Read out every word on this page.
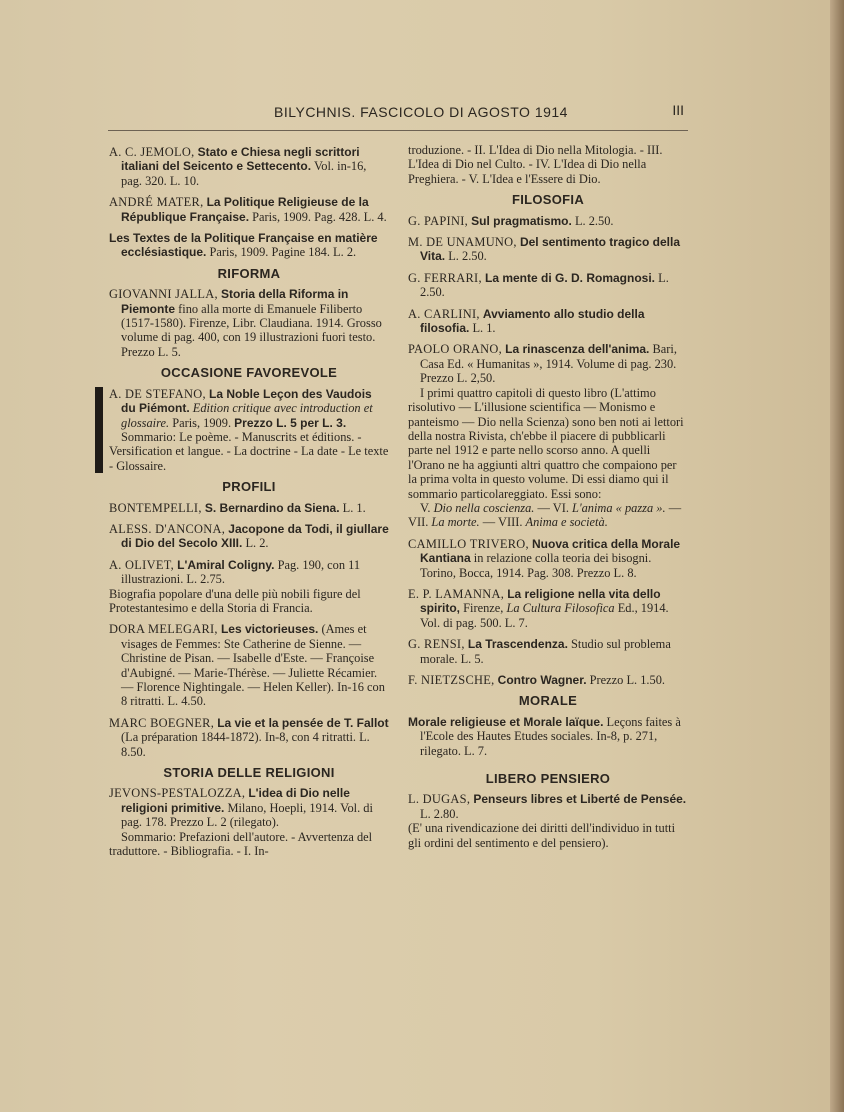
BILYCHNIS. FASCICOLO DI AGOSTO 1914	III
A. C. JEMOLO, Stato e Chiesa negli scrittori italiani del Seicento e Settecento. Vol. in-16, pag. 320. L. 10.
ANDRÉ MATER, La Politique Religieuse de la République Française. Paris, 1909. Pag. 428. L. 4.
Les Textes de la Politique Française en matière ecclésiastique. Paris, 1909. Pagine 184. L. 2.
RIFORMA
GIOVANNI JALLA, Storia della Riforma in Piemonte fino alla morte di Emanuele Filiberto (1517-1580). Firenze, Libr. Claudiana. 1914. Grosso volume di pag. 400, con 19 illustrazioni fuori testo. Prezzo L. 5.
OCCASIONE FAVOREVOLE

A. DE STEFANO, La Noble Leçon des Vaudois du Piémont. Edition critique avec introduction et glossaire. Paris, 1909. Prezzo L. 5 per L. 3.

Sommario: Le poème. - Manuscrits et éditions. - Versification et langue. - La doctrine - La date - Le texte - Glossaire.

PROFILI
BONTEMPELLI, S. Bernardino da Siena. L. 1.
ALESS. D'ANCONA, Jacopone da Todi, il giullare di Dio del Secolo XIII. L. 2.

A. OLIVET, L'Amiral Coligny. Pag. 190, con 11 illustrazioni. L. 2.75.

Biografia popolare d'una delle più nobili figure del Protestantesimo e della Storia di Francia.

DORA MELEGARI, Les victorieuses. (Ames et visages de Femmes: Ste Catherine de Sienne. — Christine de Pisan. — Isabelle d'Este. — Françoise d'Aubigné. — Marie-Thérèse. — Juliette Récamier. — Florence Nightingale. — Helen Keller). In-16 con 8 ritratti. L. 4.50.
MARC BOEGNER, La vie et la pensée de T. Fallot (La préparation 1844-1872). In-8, con 4 ritratti. L. 8.50.
STORIA DELLE RELIGIONI

JEVONS-PESTALOZZA, L'idea di Dio nelle religioni primitive. Milano, Hoepli, 1914. Vol. di pag. 178. Prezzo L. 2 (rilegato).

Sommario: Prefazioni dell'autore. - Avvertenza del traduttore. - Bibliografia. - I. In-

troduzione. - II. L'Idea di Dio nella Mitologia. - III. L'Idea di Dio nel Culto. - IV. L'Idea di Dio nella Preghiera. - V. L'Idea e l'Essere di Dio.
FILOSOFIA
G. PAPINI, Sul pragmatismo. L. 2.50.
M. DE UNAMUNO, Del sentimento tragico della Vita. L. 2.50.
G. FERRARI, La mente di G. D. Romagnosi. L. 2.50.
A. CARLINI, Avviamento allo studio della filosofia. L. 1.

PAOLO ORANO, La rinascenza dell'anima. Bari, Casa Ed. « Humanitas », 1914. Volume di pag. 230. Prezzo L. 2,50.

I primi quattro capitoli di questo libro (L'attimo risolutivo — L'illusione scientifica — Monismo e panteismo — Dio nella Scienza) sono ben noti ai lettori della nostra Rivista, ch'ebbe il piacere di pubblicarli parte nel 1912 e parte nello scorso anno. A quelli l'Orano ne ha aggiunti altri quattro che compaiono per la prima volta in questo volume. Di essi diamo qui il sommario particolareggiato. Essi sono:

V. Dio nella coscienza. — VI. L'anima « pazza ». — VII. La morte. — VIII. Anima e società.

CAMILLO TRIVERO, Nuova critica della Morale Kantiana in relazione colla teoria dei bisogni. Torino, Bocca, 1914. Pag. 308. Prezzo L. 8.
E. P. LAMANNA, La religione nella vita dello spirito, Firenze, La Cultura Filosofica Ed., 1914. Vol. di pag. 500. L. 7.
G. RENSI, La Trascendenza. Studio sul problema morale. L. 5.
F. NIETZSCHE, Contro Wagner. Prezzo L. 1.50.
MORALE
Morale religieuse et Morale laïque. Leçons faites à l'Ecole des Hautes Etudes sociales. In-8, p. 271, rilegato. L. 7.
LIBERO PENSIERO

L. DUGAS, Penseurs libres et Liberté de Pensée. L. 2.80.

(E' una rivendicazione dei diritti dell'individuo in tutti gli ordini del sentimento e del pensiero).
